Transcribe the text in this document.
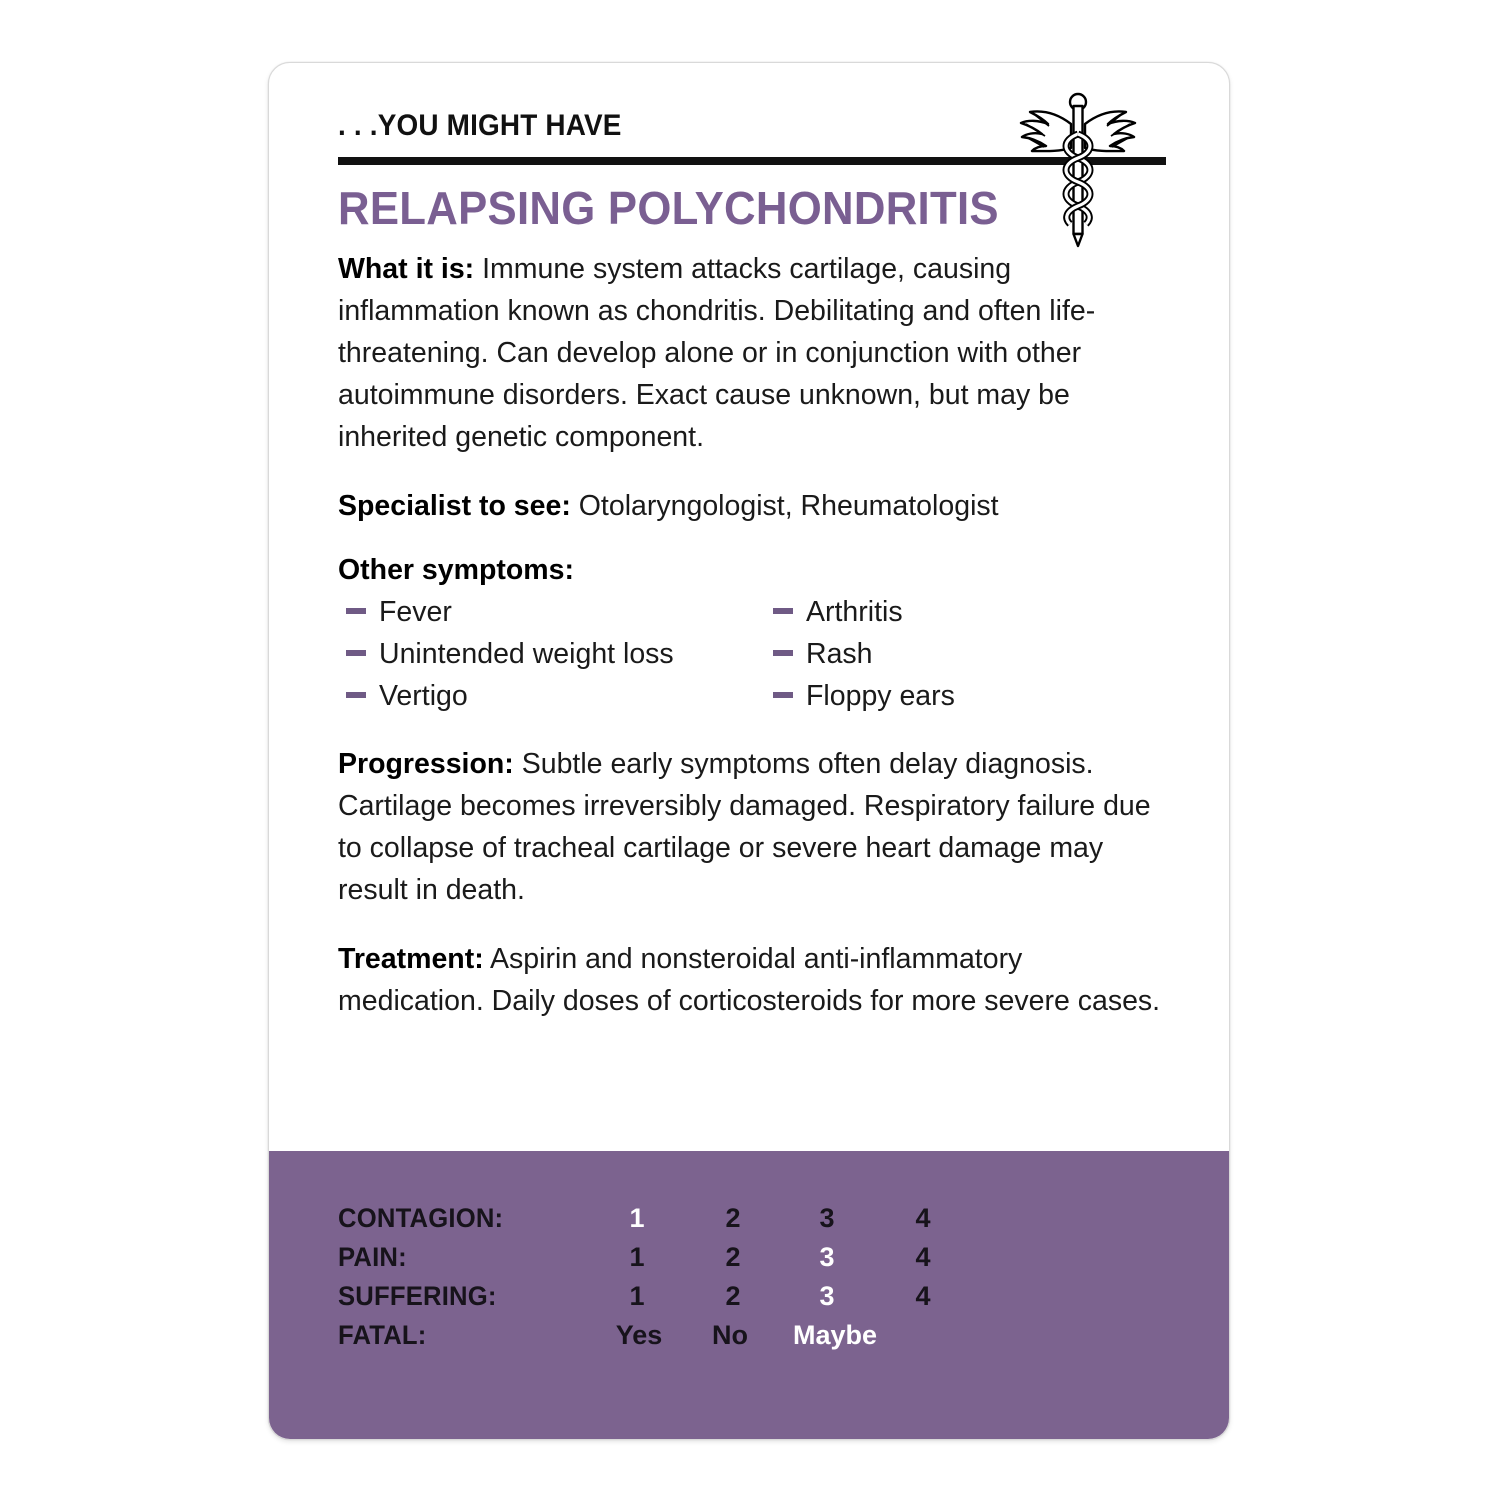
. . .YOU MIGHT HAVE
RELAPSING POLYCHONDRITIS

What it is: Immune system attacks cartilage, causing inflammation known as chondritis. Debilitating and often life-threatening. Can develop alone or in conjunction with other autoimmune disorders. Exact cause unknown, but may be inherited genetic component.

Specialist to see: Otolaryngologist, Rheumatologist

Other symptoms:
Fever
Unintended weight loss
Vertigo
Arthritis
Rash
Floppy ears

Progression: Subtle early symptoms often delay diagnosis. Cartilage becomes irreversibly damaged. Respiratory failure due to collapse of tracheal cartilage or severe heart damage may result in death.

Treatment: Aspirin and nonsteroidal anti-inflammatory medication. Daily doses of corticosteroids for more severe cases.

CONTAGION:	1	2	3	4
PAIN:	1	2	3	4
SUFFERING:	1	2	3	4
FATAL:	Yes No Maybe
